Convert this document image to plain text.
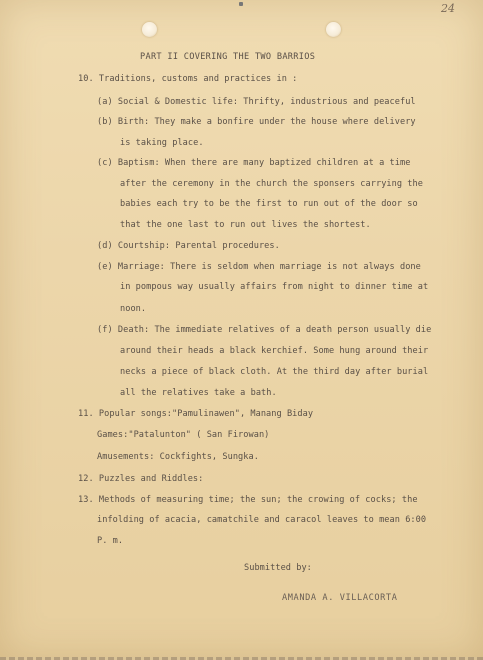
24
PART II COVERING THE TWO BARRIOS
10. Traditions, customs and practices in :
(a) Social & Domestic life: Thrifty, industrious and peaceful
(b) Birth: They make a bonfire under the house where delivery
is taking place.
(c) Baptism: When there are many baptized children at a time
after the ceremony in the church the sponsers carrying the
babies each try to be the first to run out of the door so
that the one last to run out lives the shortest.
(d) Courtship: Parental procedures.
(e) Marriage: There is seldom when marriage is not always done
in pompous way usually affairs from night to dinner time at
noon.
(f) Death: The immediate relatives of a death person usually die
around their heads a black kerchief. Some hung around their
necks a piece of black cloth. At the third day after burial
all the relatives take a bath.
11. Popular songs:"Pamulinawen", Manang Biday
Games:"Patalunton" ( San Firowan)
Amusements: Cockfights, Sungka.
12. Puzzles and Riddles:
13. Methods of measuring time; the sun; the crowing of cocks; the
infolding of acacia, camatchile and caracol leaves to mean 6:00
P. m.
Submitted by:
AMANDA A. VILLACORTA
